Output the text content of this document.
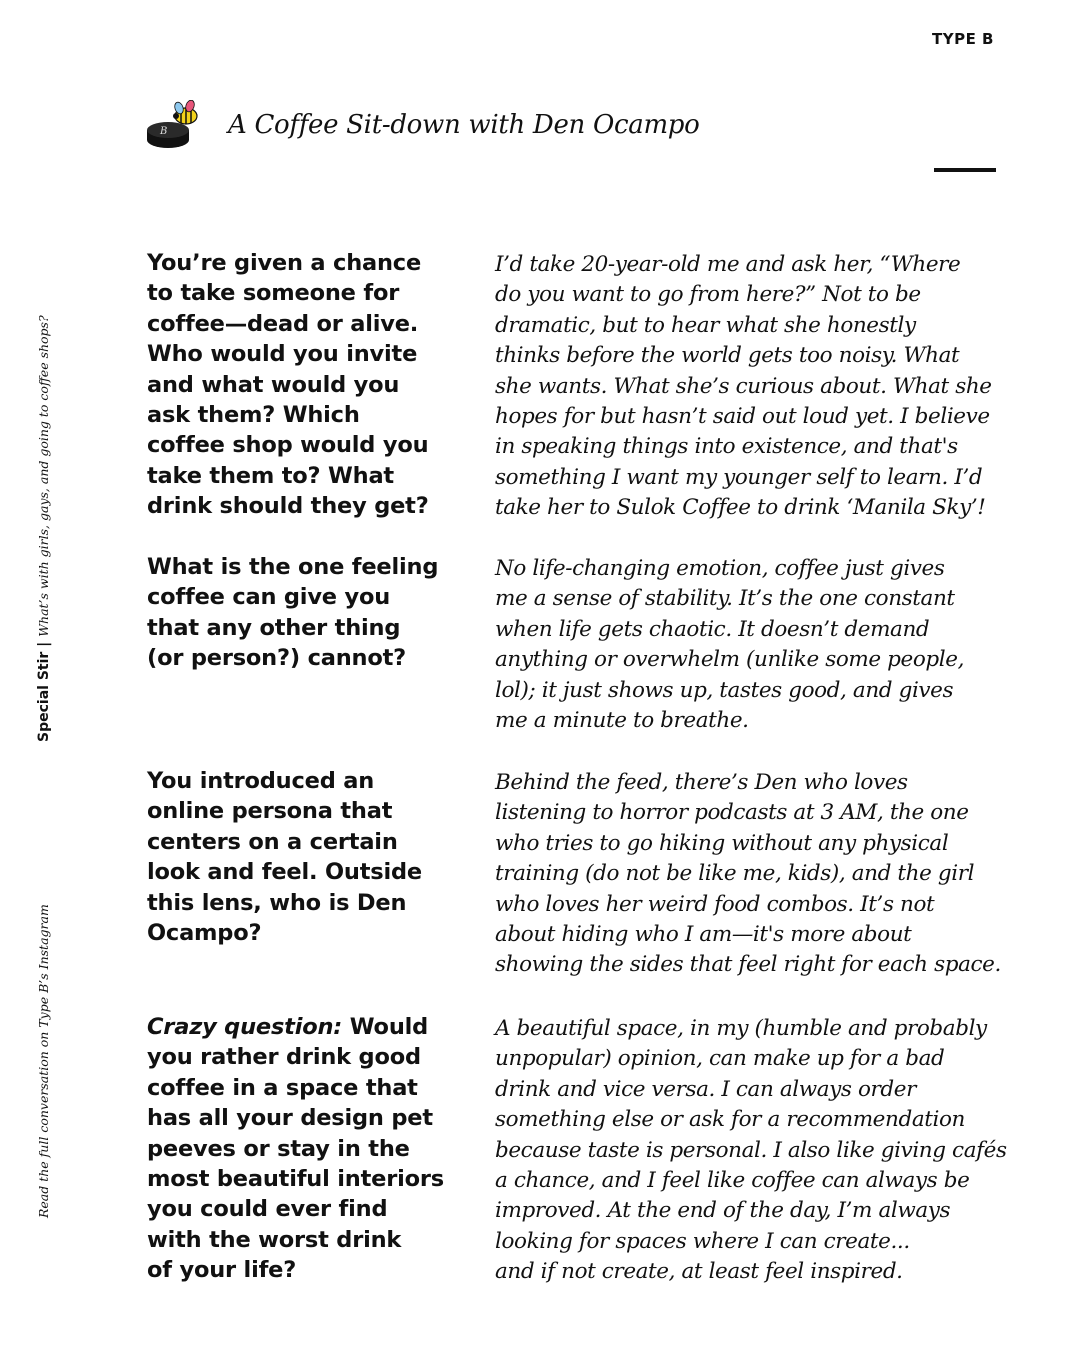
TYPE B
B A Coffee Sit-down with Den Ocampo
Special Stir | What’s with girls, gays, and going to coffee shops?
Read the full conversation on Type B’s Instagram
You’re given a chance
to take someone for
coffee—dead or alive.
Who would you invite
and what would you
ask them? Which
coffee shop would you
take them to? What
drink should they get?
I’d take 20-year-old me and ask her, “Where
do you want to go from here?” Not to be
dramatic, but to hear what she honestly
thinks before the world gets too noisy. What
she wants. What she’s curious about. What she
hopes for but hasn’t said out loud yet. I believe
in speaking things into existence, and that's
something I want my younger self to learn. I’d
take her to Sulok Coffee to drink ‘Manila Sky’!
What is the one feeling
coffee can give you
that any other thing
(or person?) cannot?
No life-changing emotion, coffee just gives
me a sense of stability. It’s the one constant
when life gets chaotic. It doesn’t demand
anything or overwhelm (unlike some people,
lol); it just shows up, tastes good, and gives
me a minute to breathe.
You introduced an
online persona that
centers on a certain
look and feel. Outside
this lens, who is Den
Ocampo?
Behind the feed, there’s Den who loves
listening to horror podcasts at 3 AM, the one
who tries to go hiking without any physical
training (do not be like me, kids), and the girl
who loves her weird food combos. It’s not
about hiding who I am—it's more about
showing the sides that feel right for each space.
Crazy question: Would
you rather drink good
coffee in a space that
has all your design pet
peeves or stay in the
most beautiful interiors
you could ever find
with the worst drink
of your life?
A beautiful space, in my (humble and probably
unpopular) opinion, can make up for a bad
drink and vice versa. I can always order
something else or ask for a recommendation
because taste is personal. I also like giving cafés
a chance, and I feel like coffee can always be
improved. At the end of the day, I’m always
looking for spaces where I can create...
and if not create, at least feel inspired.
